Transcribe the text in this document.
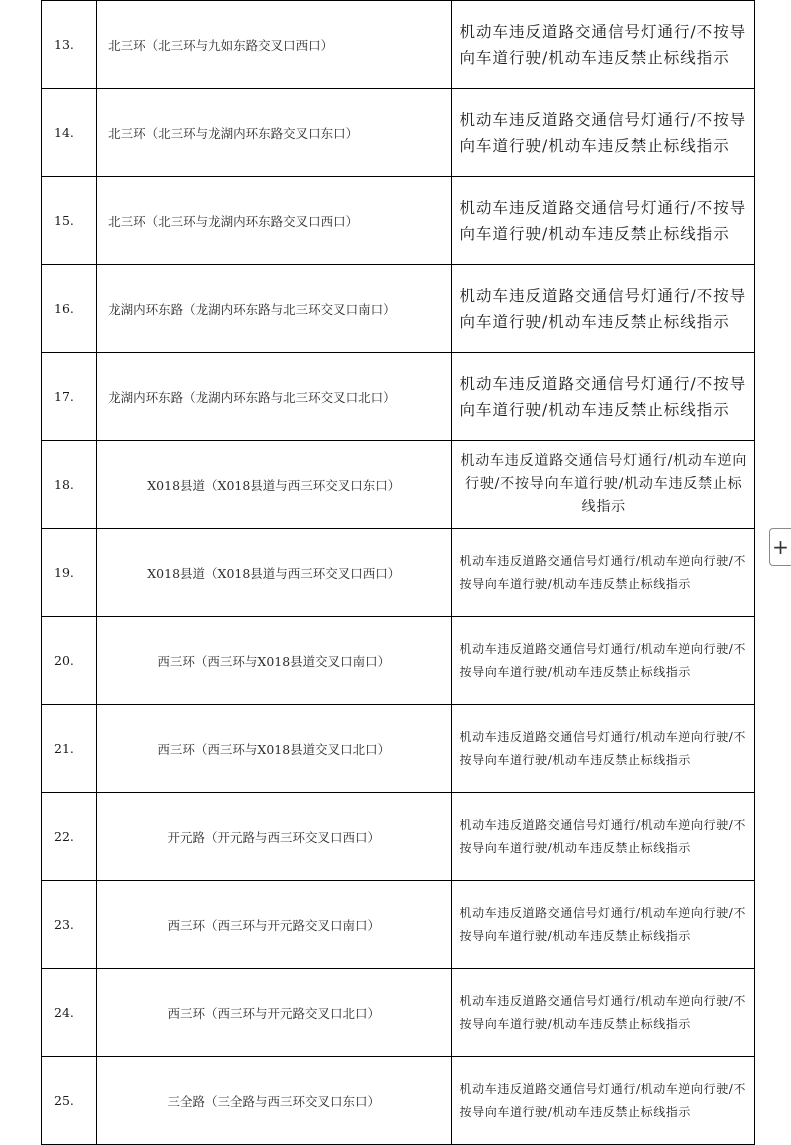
13.	北三环（北三环与九如东路交叉口西口）	机动车违反道路交通信号灯通行/不按导向车道行驶/机动车违反禁止标线指示
14.	北三环（北三环与龙湖内环东路交叉口东口）	机动车违反道路交通信号灯通行/不按导向车道行驶/机动车违反禁止标线指示
15.	北三环（北三环与龙湖内环东路交叉口西口）	机动车违反道路交通信号灯通行/不按导向车道行驶/机动车违反禁止标线指示
16.	龙湖内环东路（龙湖内环东路与北三环交叉口南口）	机动车违反道路交通信号灯通行/不按导向车道行驶/机动车违反禁止标线指示
17.	龙湖内环东路（龙湖内环东路与北三环交叉口北口）	机动车违反道路交通信号灯通行/不按导向车道行驶/机动车违反禁止标线指示
18.	X018县道（X018县道与西三环交叉口东口）	机动车违反道路交通信号灯通行/机动车逆向行驶/不按导向车道行驶/机动车违反禁止标线指示
19.	X018县道（X018县道与西三环交叉口西口）	机动车违反道路交通信号灯通行/机动车逆向行驶/不按导向车道行驶/机动车违反禁止标线指示
20.	西三环（西三环与X018县道交叉口南口）	机动车违反道路交通信号灯通行/机动车逆向行驶/不按导向车道行驶/机动车违反禁止标线指示
21.	西三环（西三环与X018县道交叉口北口）	机动车违反道路交通信号灯通行/机动车逆向行驶/不按导向车道行驶/机动车违反禁止标线指示
22.	开元路（开元路与西三环交叉口西口）	机动车违反道路交通信号灯通行/机动车逆向行驶/不按导向车道行驶/机动车违反禁止标线指示
23.	西三环（西三环与开元路交叉口南口）	机动车违反道路交通信号灯通行/机动车逆向行驶/不按导向车道行驶/机动车违反禁止标线指示
24.	西三环（西三环与开元路交叉口北口）	机动车违反道路交通信号灯通行/机动车逆向行驶/不按导向车道行驶/机动车违反禁止标线指示
25.	三全路（三全路与西三环交叉口东口）	机动车违反道路交通信号灯通行/机动车逆向行驶/不按导向车道行驶/机动车违反禁止标线指示
+
